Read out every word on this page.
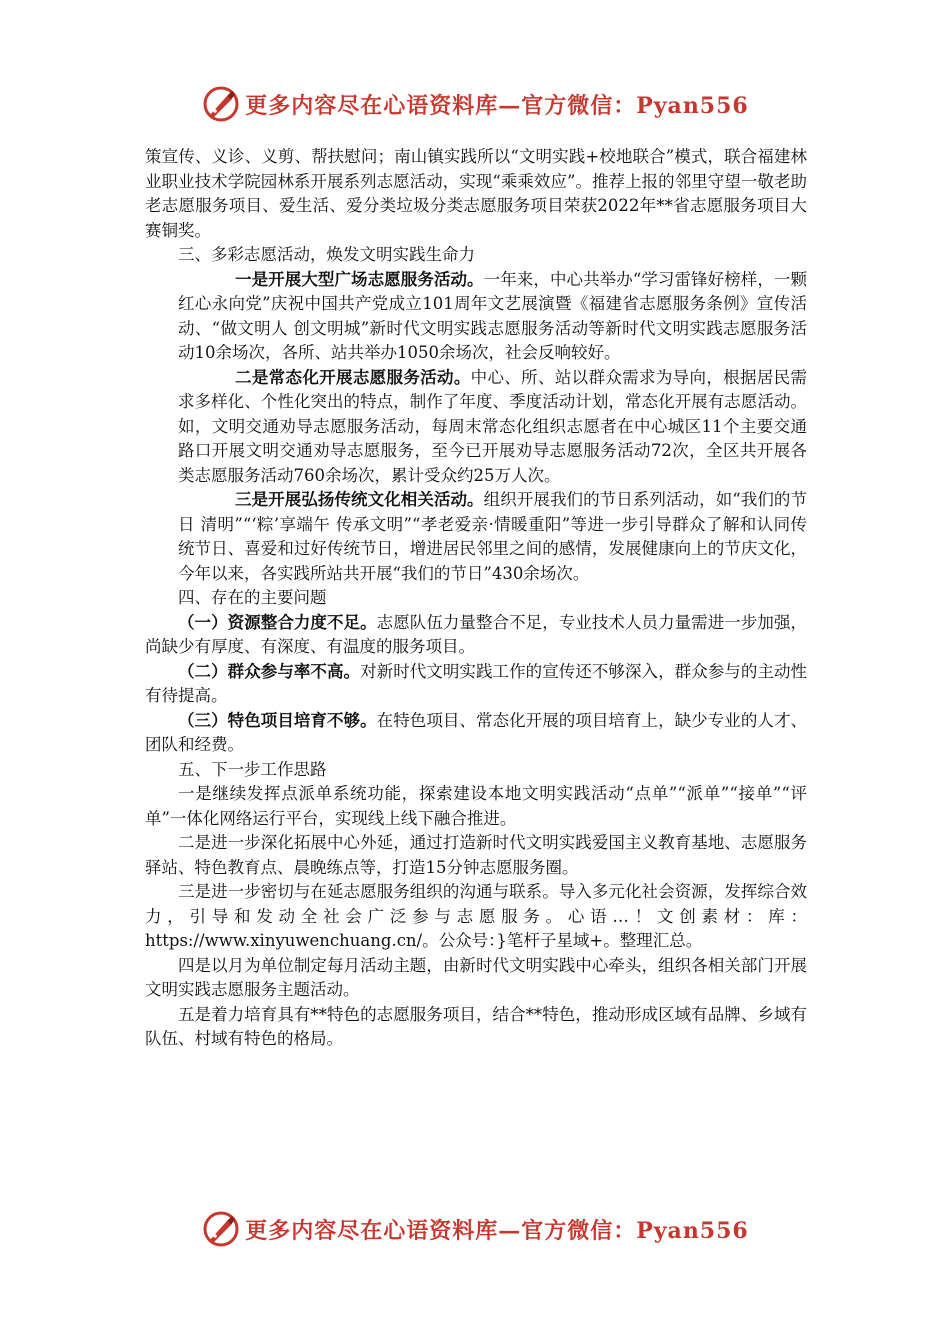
更多内容尽在心语资料库—官方微信：Pyan556

策宣传、义诊、义剪、帮扶慰问；南山镇实践所以“文明实践+校地联合”模式，联合福建林业职业技术学院园林系开展系列志愿活动，实现“乘乘效应”。推荐上报的邻里守望一敬老助老志愿服务项目、爱生活、爱分类垃圾分类志愿服务项目荣获2022年**省志愿服务项目大赛铜奖。

三、多彩志愿活动，焕发文明实践生命力

一是开展大型广场志愿服务活动。一年来，中心共举办“学习雷锋好榜样，一颗红心永向党”庆祝中国共产党成立101周年文艺展演暨《福建省志愿服务条例》宣传活动、“做文明人 创文明城”新时代文明实践志愿服务活动等新时代文明实践志愿服务活动10余场次，各所、站共举办1050余场次，社会反响较好。

二是常态化开展志愿服务活动。中心、所、站以群众需求为导向，根据居民需求多样化、个性化突出的特点，制作了年度、季度活动计划，常态化开展有志愿活动。如，文明交通劝导志愿服务活动，每周末常态化组织志愿者在中心城区11个主要交通路口开展文明交通劝导志愿服务，至今已开展劝导志愿服务活动72次，全区共开展各类志愿服务活动760余场次，累计受众约25万人次。

三是开展弘扬传统文化相关活动。组织开展我们的节日系列活动，如“我们的节日 清明”“‘粽’享端午 传承文明”“孝老爱亲·情暖重阳”等进一步引导群众了解和认同传统节日、喜爱和过好传统节日，增进居民邻里之间的感情，发展健康向上的节庆文化，今年以来，各实践所站共开展“我们的节日”430余场次。

四、存在的主要问题

（一）资源整合力度不足。志愿队伍力量整合不足，专业技术人员力量需进一步加强，尚缺少有厚度、有深度、有温度的服务项目。

（二）群众参与率不高。对新时代文明实践工作的宣传还不够深入，群众参与的主动性有待提高。

（三）特色项目培育不够。在特色项目、常态化开展的项目培育上，缺少专业的人才、团队和经费。

五、下一步工作思路

一是继续发挥点派单系统功能，探索建设本地文明实践活动“点单”“派单”“接单”“评单”一体化网络运行平台，实现线上线下融合推进。

二是进一步深化拓展中心外延，通过打造新时代文明实践爱国主义教育基地、志愿服务驿站、特色教育点、晨晚练点等，打造15分钟志愿服务圈。

三是进一步密切与在延志愿服务组织的沟通与联系。导入多元化社会资源，发挥综合效力，引导和发动全社会广泛参与志愿服务。心语…！文创素材：库：https://www.xinyuwenchuang.cn/。公众号：}笔杆子星域+。整理汇总。

四是以月为单位制定每月活动主题，由新时代文明实践中心牵头，组织各相关部门开展文明实践志愿服务主题活动。

五是着力培育具有**特色的志愿服务项目，结合**特色，推动形成区域有品牌、乡域有队伍、村域有特色的格局。

更多内容尽在心语资料库—官方微信：Pyan556
